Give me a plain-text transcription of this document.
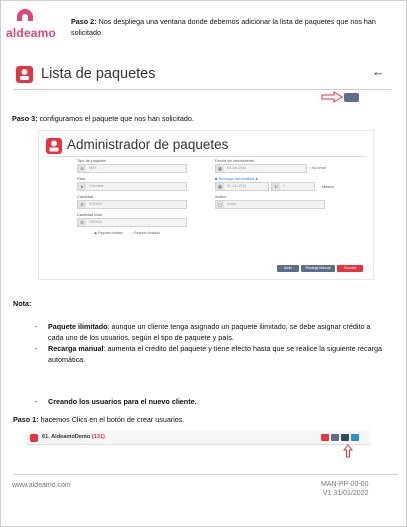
aldeamo
Paso 2: Nos despliega una ventana donde debemos adicionar la lista de paquetes que nos han solicitado
Lista de paquetes	←
Paso 3: configuramos el paquete que nos han solicitado.
Administrador de paquetes
Tipo de paquete
✉ SMS
Fecha de vencimiento
▦ 03-Jun-2016	□ No vence
País
● Colombia
■ Recarga automática ●
▦ 01-Jun-2016	↻ 1	Meses
Cantidad
☰ 2000000
Activo
◯ Activo
Cantidad total
☰ 2000000
◉ Paquete limitado ○ Paquete ilimitado
Atrás	Recarga Manual	Guardar
Nota:
- Paquete ilimitado: aunque un cliente tenga asignado un paquete ilimitado, se debe asignar crédito a cada uno de los usuarios, según el tipo de paquete y país.
- Recarga manual: aumenta el crédito del paquete y tiene efecto hasta que se realice la siguiente recarga automática.
- Creando los usuarios para el nuevo cliente.
Paso 1: hacemos Clics en el botón de crear usuarios.
61. AldeamoDemo (131)
www.aldeamo.com	MAN-PP-00-00
V1 31/01/2022
